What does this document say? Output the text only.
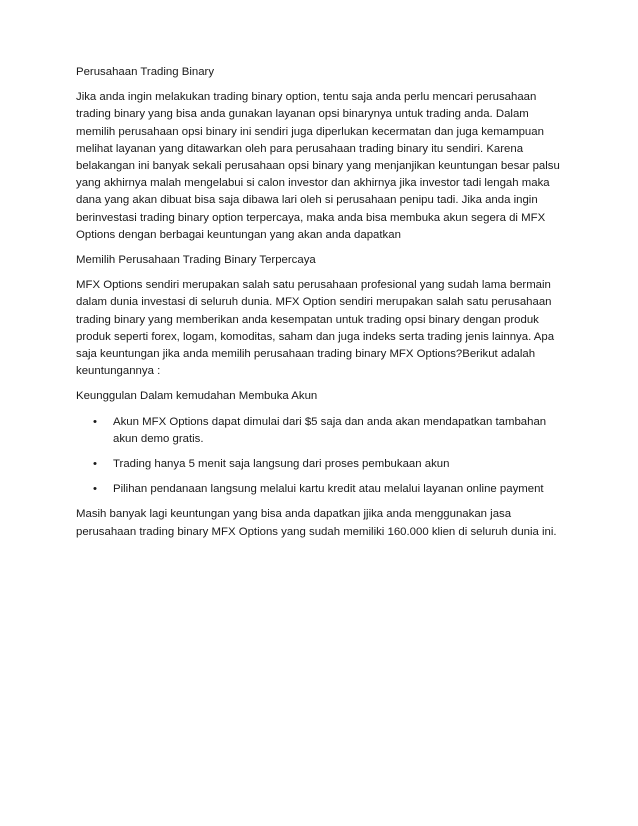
Perusahaan Trading Binary

Jika anda ingin melakukan trading binary option, tentu saja anda perlu mencari perusahaan trading binary yang bisa anda gunakan layanan opsi binarynya untuk trading anda. Dalam memilih perusahaan opsi binary ini sendiri juga diperlukan kecermatan dan juga kemampuan melihat layanan yang ditawarkan oleh para perusahaan trading binary itu sendiri. Karena belakangan ini banyak sekali perusahaan opsi binary yang menjanjikan keuntungan besar palsu yang akhirnya malah mengelabui si calon investor dan akhirnya jika investor tadi lengah maka dana yang akan dibuat bisa saja dibawa lari oleh si perusahaan penipu tadi. Jika anda ingin berinvestasi trading binary option terpercaya, maka anda bisa membuka akun segera di MFX Options dengan berbagai keuntungan yang akan anda dapatkan

Memilih Perusahaan Trading Binary Terpercaya

MFX Options sendiri merupakan salah satu perusahaan profesional yang sudah lama bermain dalam dunia investasi di seluruh dunia. MFX Option sendiri merupakan salah satu perusahaan trading binary yang memberikan anda kesempatan untuk trading opsi binary dengan produk produk seperti forex, logam, komoditas, saham dan juga indeks serta trading jenis lainnya. Apa saja keuntungan jika anda memilih perusahaan trading binary MFX Options?Berikut adalah keuntungannya :

Keunggulan Dalam kemudahan Membuka Akun

• Akun MFX Options dapat dimulai dari $5 saja dan anda akan mendapatkan tambahan akun demo gratis.
• Trading hanya 5 menit saja langsung dari proses pembukaan akun
• Pilihan pendanaan langsung melalui kartu kredit atau melalui layanan online payment

Masih banyak lagi keuntungan yang bisa anda dapatkan jjika anda menggunakan jasa perusahaan trading binary MFX Options yang sudah memiliki 160.000 klien di seluruh dunia ini.
